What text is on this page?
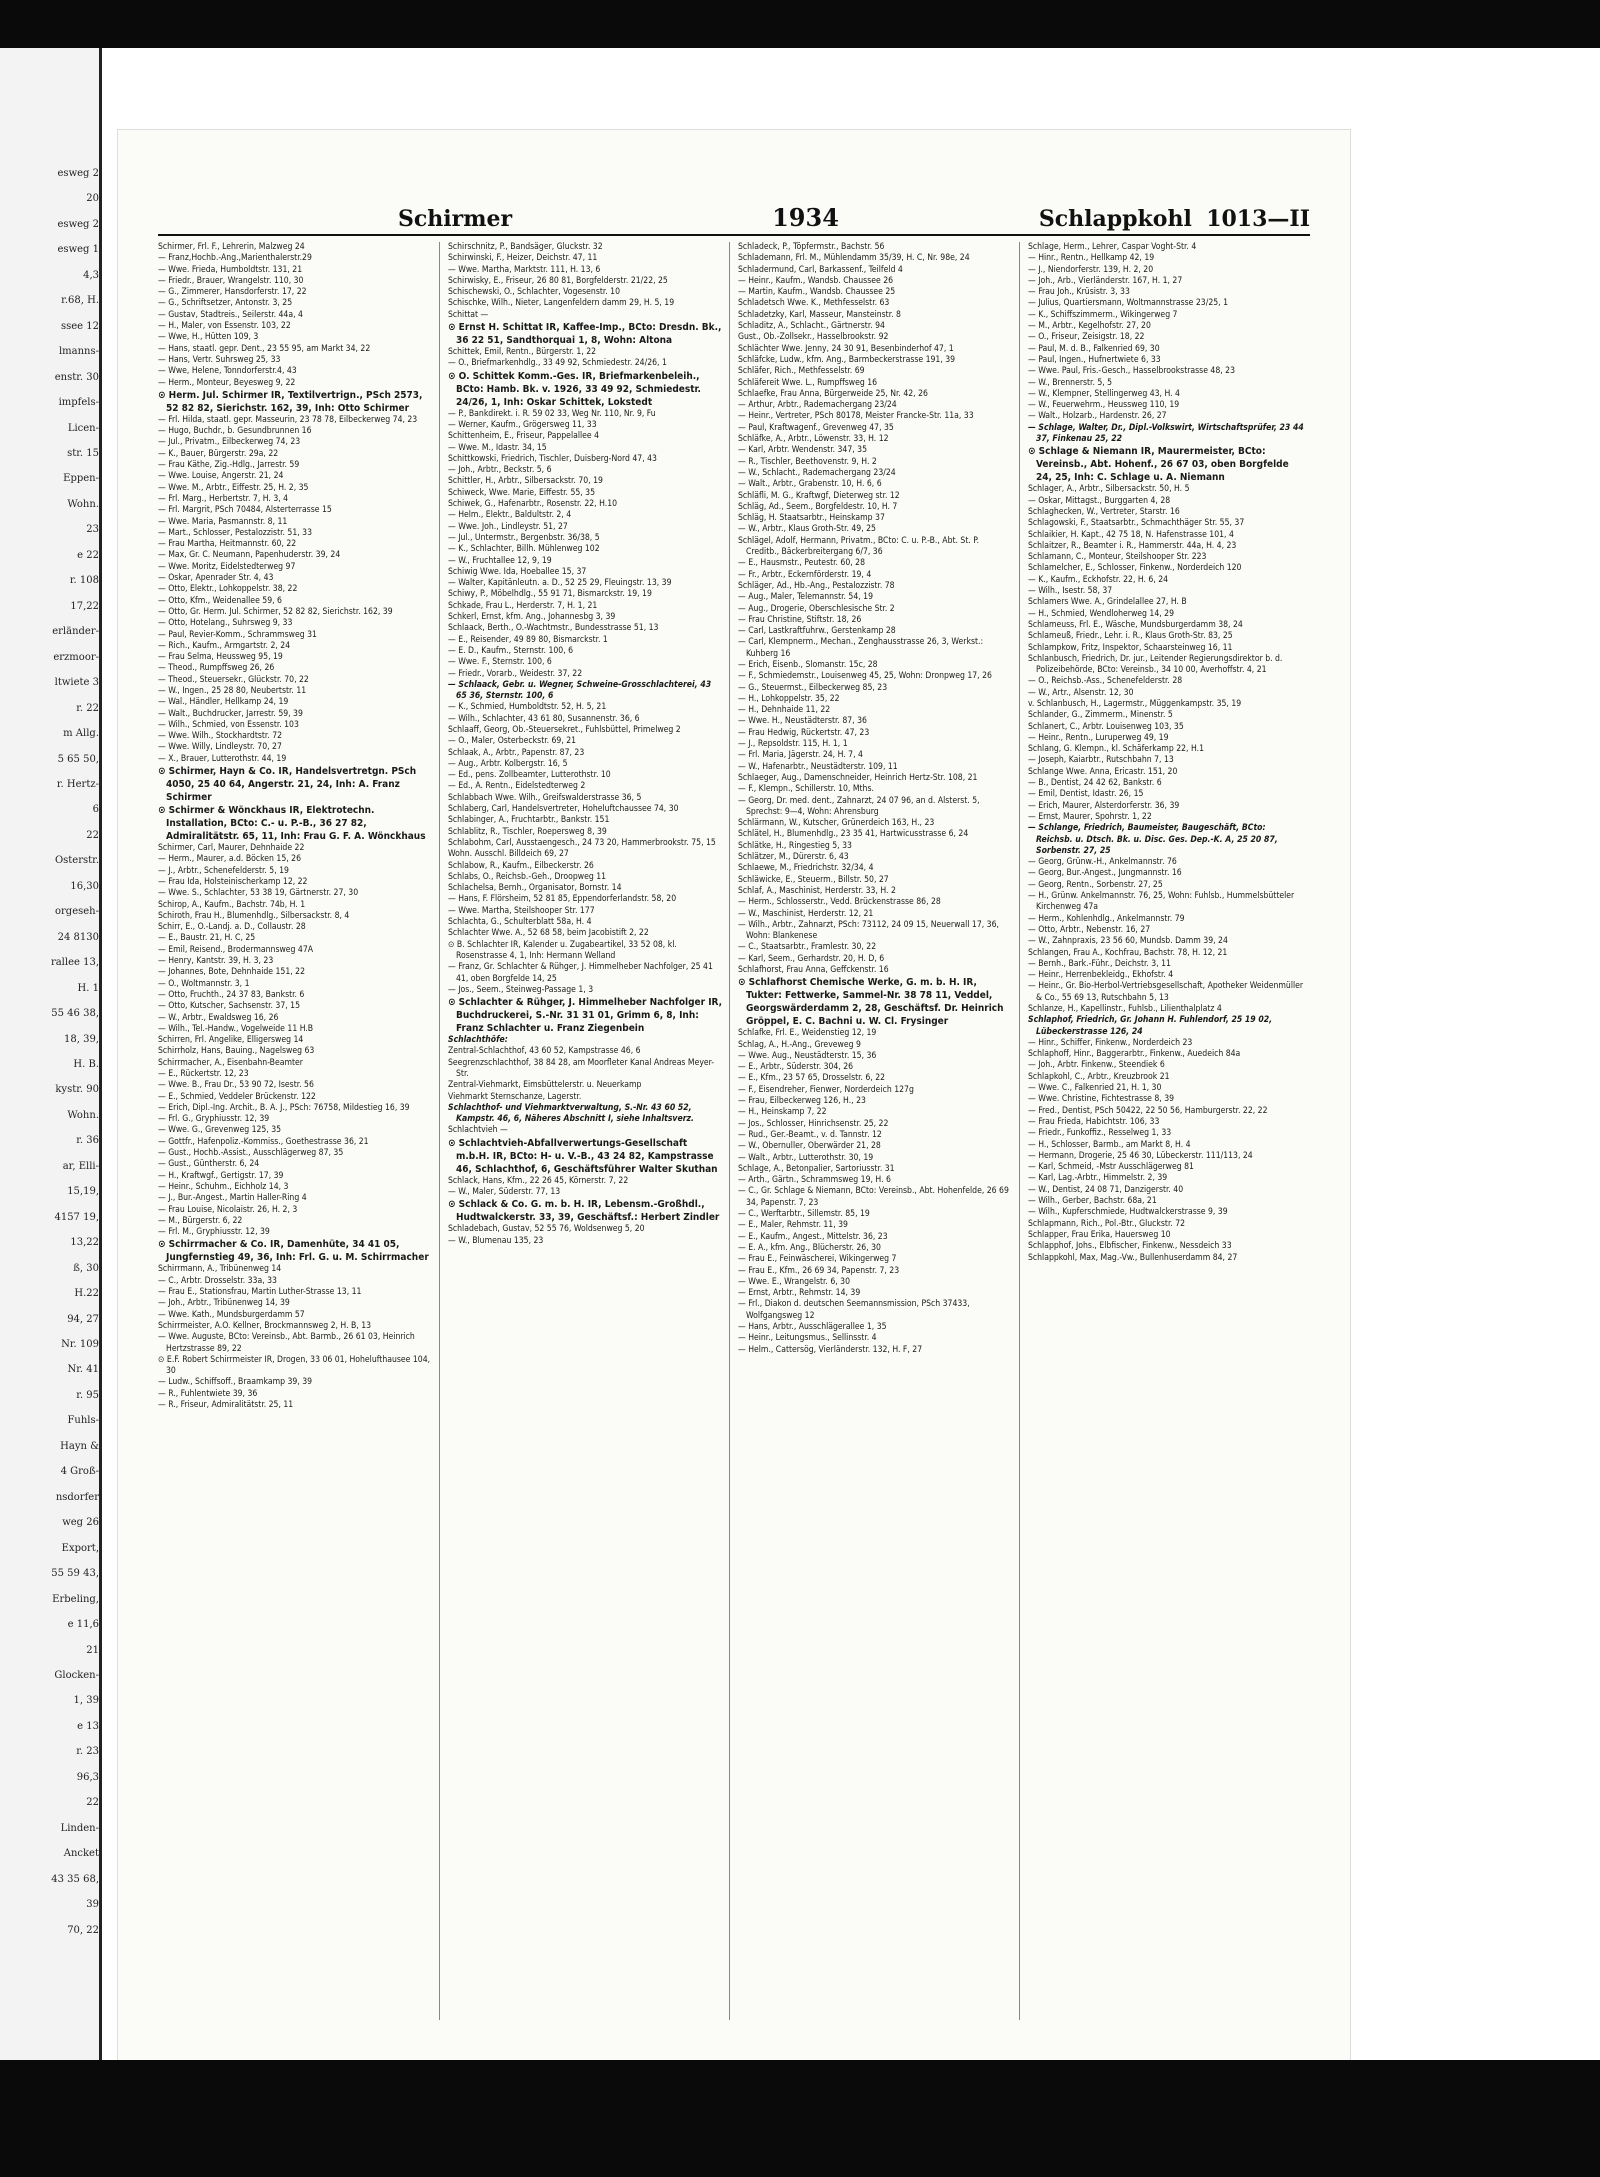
esweg 2
20
esweg 2
esweg 1
4,3
r.68, H.
ssee 12
lmanns-
enstr. 30
impfels-
Licen-
str. 15
Eppen-
Wohn.
23
e 22
r. 108
17,22
erländer-
erzmoor-
ltwiete 3
r. 22
m Allg.
5 65 50,
r. Hertz-
6
22
Osterstr.
16,30
orgeseh-
24 8130
rallee 13,
H. 1
55 46 38,
18, 39,
H. B.
kystr. 90
Wohn.
r. 36
ar, Elli-
15,19,
4157 19,
13,22
ß, 30
H.22
94, 27
Nr. 109
Nr. 41
r. 95
Fuhls-
Hayn &
4 Groß-
nsdorfer
weg 26
Export,
55 59 43,
Erbeling,
e 11,6
21
Glocken-
1, 39
e 13
r. 23
96,3
22
Linden-
Ancket
43 35 68,
39
70, 22
Schirmer	1934	Schlappkohl 1013—II

Schirmer, Frl. F., Lehrerin, Malzweg 24

— Franz,Hochb.-Ang.,Marienthalerstr.29

— Wwe. Frieda, Humboldtstr. 131, 21

— Friedr., Brauer, Wrangelstr. 110, 30

— G., Zimmerer, Hansdorferstr. 17, 22

— G., Schriftsetzer, Antonstr. 3, 25

— Gustav, Stadtreis., Seilerstr. 44a, 4

— H., Maler, von Essenstr. 103, 22

— Wwe, H., Hütten 109, 3

— Hans, staatl. gepr. Dent., 23 55 95, am Markt 34, 22

— Hans, Vertr. Suhrsweg 25, 33

— Wwe, Helene, Tonndorferstr.4, 43

— Herm., Monteur, Beyesweg 9, 22

⊙ Herm. Jul. Schirmer IR, Textilvertrign., PSch 2573, 52 82 82, Sierichstr. 162, 39, Inh: Otto Schirmer

— Frl. Hilda, staatl. gepr. Masseurin, 23 78 78, Eilbeckerweg 74, 23

— Hugo, Buchdr., b. Gesundbrunnen 16

— Jul., Privatm., Eilbeckerweg 74, 23

— K., Bauer, Bürgerstr. 29a, 22

— Frau Käthe, Zig.-Hdlg., Jarrestr. 59

— Wwe. Louise, Angerstr. 21, 24

— Wwe. M., Arbtr., Eiffestr. 25, H. 2, 35

— Frl. Marg., Herbertstr. 7, H. 3, 4

— Frl. Margrit, PSch 70484, Alsterterrasse 15

— Wwe. Maria, Pasmannstr. 8, 11

— Mart., Schlosser, Pestalozzistr. 51, 33

— Frau Martha, Heitmannstr. 60, 22

— Max, Gr. C. Neumann, Papenhuderstr. 39, 24

— Wwe. Moritz, Eidelstedterweg 97

— Oskar, Apenrader Str. 4, 43

— Otto, Elektr., Lohkoppelstr. 38, 22

— Otto, Kfm., Weidenallee 59, 6

— Otto, Gr. Herm. Jul. Schirmer, 52 82 82, Sierichstr. 162, 39

— Otto, Hotelang., Suhrsweg 9, 33

— Paul, Revier-Komm., Schrammsweg 31

— Rich., Kaufm., Armgartstr. 2, 24

— Frau Selma, Heussweg 95, 19

— Theod., Rumpffsweg 26, 26

— Theod., Steuersekr., Glückstr. 70, 22

— W., Ingen., 25 28 80, Neubertstr. 11

— Wal., Händler, Hellkamp 24, 19

— Walt., Buchdrucker, Jarrestr. 59, 39

— Wilh., Schmied, von Essenstr. 103

— Wwe. Wilh., Stockhardtstr. 72

— Wwe. Willy, Lindleystr. 70, 27

— X., Brauer, Lutterothstr. 44, 19

⊙ Schirmer, Hayn & Co. IR, Handelsvertretgn. PSch 4050, 25 40 64, Angerstr. 21, 24, Inh: A. Franz Schirmer

⊙ Schirmer & Wönckhaus IR, Elektrotechn. Installation, BCto: C.- u. P.-B., 36 27 82, Admiralitätstr. 65, 11, Inh: Frau G. F. A. Wönckhaus

Schirmer, Carl, Maurer, Dehnhaide 22

— Herm., Maurer, a.d. Böcken 15, 26

— J., Arbtr., Schenefelderstr. 5, 19

— Frau Ida, Holsteinischerkamp 12, 22

— Wwe. S., Schlachter, 53 38 19, Gärtnerstr. 27, 30

Schirop, A., Kaufm., Bachstr. 74b, H. 1

Schiroth, Frau H., Blumenhdlg., Silbersackstr. 8, 4

Schirr, E., O.-Landj. a. D., Collaustr. 28

— E., Baustr. 21, H. C, 25

— Emil, Reisend., Brodermannsweg 47A

— Henry, Kantstr. 39, H. 3, 23

— Johannes, Bote, Dehnhaide 151, 22

— O., Woltmannstr. 3, 1

— Otto, Fruchth., 24 37 83, Bankstr. 6

— Otto, Kutscher, Sachsenstr. 37, 15

— W., Arbtr., Ewaldsweg 16, 26

— Wilh., Tel.-Handw., Vogelweide 11 H.B

Schirren, Frl. Angelike, Elligersweg 14

Schirrholz, Hans, Bauing., Nagelsweg 63

Schirrmacher, A., Eisenbahn-Beamter

— E., Rückertstr. 12, 23

— Wwe. B., Frau Dr., 53 90 72, Isestr. 56

— E., Schmied, Veddeler Brückenstr. 122

— Erich, Dipl.-Ing. Archit., B. A. J., PSch: 76758, Mildestieg 16, 39

— Frl. G., Gryphiusstr. 12, 39

— Wwe. G., Grevenweg 125, 35

— Gottfr., Hafenpoliz.-Kommiss., Goethestrasse 36, 21

— Gust., Hochb.-Assist., Ausschlägerweg 87, 35

— Gust., Güntherstr. 6, 24

— H., Kraftwgf., Gertigstr. 17, 39

— Heinr., Schuhm., Eichholz 14, 3

— J., Bur.-Angest., Martin Haller-Ring 4

— Frau Louise, Nicolaistr. 26, H. 2, 3

— M., Bürgerstr. 6, 22

— Frl. M., Gryphiusstr. 12, 39

⊙ Schirrmacher & Co. IR, Damenhüte, 34 41 05, Jungfernstieg 49, 36, Inh: Frl. G. u. M. Schirrmacher

Schirrmann, A., Tribünenweg 14

— C., Arbtr. Drosselstr. 33a, 33

— Frau E., Stationsfrau, Martin Luther-Strasse 13, 11

— Joh., Arbtr., Tribünenweg 14, 39

— Wwe. Kath., Mundsburgerdamm 57

Schirrmeister, A.O. Kellner, Brockmannsweg 2, H. B, 13

— Wwe. Auguste, BCto: Vereinsb., Abt. Barmb., 26 61 03, Heinrich Hertzstrasse 89, 22

⊙ E.F. Robert Schirrmeister IR, Drogen, 33 06 01, Hohelufthausee 104, 30

— Ludw., Schiffsoff., Braamkamp 39, 39

— R., Fuhlentwiete 39, 36

— R., Friseur, Admiralitätstr. 25, 11

Schirschnitz, P., Bandsäger, Gluckstr. 32

Schirwinski, F., Heizer, Deichstr. 47, 11

— Wwe. Martha, Marktstr. 111, H. 13, 6

Schirwisky, E., Friseur, 26 80 81, Borgfelderstr. 21/22, 25

Schischewski, O., Schlachter, Vogesenstr. 10

Schischke, Wilh., Nieter, Langenfeldern damm 29, H. 5, 19

Schittat —

⊙ Ernst H. Schittat IR, Kaffee-Imp., BCto: Dresdn. Bk., 36 22 51, Sandthorquai 1, 8, Wohn: Altona

Schittek, Emil, Rentn., Bürgerstr. 1, 22

— O., Briefmarkenhdlg., 33 49 92, Schmiedestr. 24/26, 1

⊙ O. Schittek Komm.-Ges. IR, Briefmarkenbeleih., BCto: Hamb. Bk. v. 1926, 33 49 92, Schmiedestr. 24/26, 1, Inh: Oskar Schittek, Lokstedt

— P., Bankdirekt. i. R. 59 02 33, Weg Nr. 110, Nr. 9, Fu

— Werner, Kaufm., Grögersweg 11, 33

Schittenheim, E., Friseur, Pappelallee 4

— Wwe. M., Idastr. 34, 15

Schittkowski, Friedrich, Tischler, Duisberg-Nord 47, 43

— Joh., Arbtr., Beckstr. 5, 6

Schittler, H., Arbtr., Silbersackstr. 70, 19

Schiweck, Wwe. Marie, Eiffestr. 55, 35

Schiwek, G., Hafenarbtr., Rosenstr. 22, H.10

— Helm., Elektr., Baldultstr. 2, 4

— Wwe. Joh., Lindleystr. 51, 27

— Jul., Untermstr., Bergenbstr. 36/38, 5

— K., Schlachter, Billh. Mühlenweg 102

— W., Fruchtallee 12, 9, 19

Schiwig Wwe. Ida, Hoeballee 15, 37

— Walter, Kapitänleutn. a. D., 52 25 29, Fleuingstr. 13, 39

Schiwy, P., Möbelhdlg., 55 91 71, Bismarckstr. 19, 19

Schkade, Frau L., Herderstr. 7, H. 1, 21

Schkerl, Ernst, kfm. Ang., Johannesbg 3, 39

Schlaack, Berth., O.-Wachtmstr., Bundesstrasse 51, 13

— E., Reisender, 49 89 80, Bismarckstr. 1

— E. D., Kaufm., Sternstr. 100, 6

— Wwe. F., Sternstr. 100, 6

— Friedr., Vorarb., Weidestr. 37, 22

— Schlaack, Gebr. u. Wegner, Schweine-Grosschlachterei, 43 65 36, Sternstr. 100, 6

— K., Schmied, Humboldtstr. 52, H. 5, 21

— Wilh., Schlachter, 43 61 80, Susannenstr. 36, 6

Schlaaff, Georg, Ob.-Steuersekret., Fuhlsbüttel, Primelweg 2

— O., Maler, Osterbeckstr. 69, 21

Schlaak, A., Arbtr., Papenstr. 87, 23

— Aug., Arbtr. Kolbergstr. 16, 5

— Ed., pens. Zollbeamter, Lutterothstr. 10

— Ed., A. Rentn., Eidelstedterweg 2

Schlabbach Wwe. Wilh., Greifswalderstrasse 36, 5

Schlaberg, Carl, Handelsvertreter, Hoheluftchaussee 74, 30

Schlabinger, A., Fruchtarbtr., Bankstr. 151

Schlablitz, R., Tischler, Roepersweg 8, 39

Schlabohm, Carl, Ausstaengesch., 24 73 20, Hammerbrookstr. 75, 15

Wohn. Ausschl. Billdeich 69, 27

Schlabow, R., Kaufm., Eilbeckerstr. 26

Schlabs, O., Reichsb.-Geh., Droopweg 11

Schlachelsa, Bernh., Organisator, Bornstr. 14

— Hans, F. Flörsheim, 52 81 85, Eppendorferlandstr. 58, 20

— Wwe. Martha, Steilshooper Str. 177

Schlachta, G., Schulterblatt 58a, H. 4

Schlachter Wwe. A., 52 68 58, beim Jacobistift 2, 22

⊙ B. Schlachter IR, Kalender u. Zugabeartikel, 33 52 08, kl. Rosenstrasse 4, 1, Inh: Hermann Welland

— Franz, Gr. Schlachter & Rühger, J. Himmelheber Nachfolger, 25 41 41, oben Borgfelde 14, 25

— Jos., Seem., Steinweg-Passage 1, 3

⊙ Schlachter & Rühger, J. Himmelheber Nachfolger IR, Buchdruckerei, S.-Nr. 31 31 01, Grimm 6, 8, Inh: Franz Schlachter u. Franz Ziegenbein

Schlachthöfe:

Zentral-Schlachthof, 43 60 52, Kampstrasse 46, 6

Seegrenzschlachthof, 38 84 28, am Moorfleter Kanal Andreas Meyer-Str.

Zentral-Viehmarkt, Eimsbüttelerstr. u. Neuerkamp

Viehmarkt Sternschanze, Lagerstr.

Schlachthof- und Viehmarktverwaltung, S.-Nr. 43 60 52, Kampstr. 46, 6, Näheres Abschnitt I, siehe Inhaltsverz.

Schlachtvieh —

⊙ Schlachtvieh-Abfallverwertungs-Gesellschaft m.b.H. IR, BCto: H- u. V.-B., 43 24 82, Kampstrasse 46, Schlachthof, 6, Geschäftsführer Walter Skuthan

Schlack, Hans, Kfm., 22 26 45, Körnerstr. 7, 22

— W., Maler, Süderstr. 77, 13

⊙ Schlack & Co. G. m. b. H. IR, Lebensm.-Großhdl., Hudtwalckerstr. 33, 39, Geschäftsf.: Herbert Zindler

Schladebach, Gustav, 52 55 76, Woldsenweg 5, 20

— W., Blumenau 135, 23

Schladeck, P., Töpfermstr., Bachstr. 56

Schlademann, Frl. M., Mühlendamm 35/39, H. C, Nr. 98e, 24

Schladermund, Carl, Barkassenf., Teilfeld 4

— Heinr., Kaufm., Wandsb. Chaussee 26

— Martin, Kaufm., Wandsb. Chaussee 25

Schladetsch Wwe. K., Methfesselstr. 63

Schladetzky, Karl, Masseur, Mansteinstr. 8

Schladitz, A., Schlacht., Gärtnerstr. 94

Gust., Ob.-Zollsekr., Hasselbrookstr. 92

Schlächter Wwe. Jenny, 24 30 91, Besenbinderhof 47, 1

Schläfcke, Ludw., kfm. Ang., Barmbeckerstrasse 191, 39

Schläfer, Rich., Methfesselstr. 69

Schläfereit Wwe. L., Rumpffsweg 16

Schlaefke, Frau Anna, Bürgerweide 25, Nr. 42, 26

— Arthur, Arbtr., Rademachergang 23/24

— Heinr., Vertreter, PSch 80178, Meister Francke-Str. 11a, 33

— Paul, Kraftwagenf., Grevenweg 47, 35

Schläfke, A., Arbtr., Löwenstr. 33, H. 12

— Karl, Arbtr. Wendenstr. 347, 35

— R., Tischler, Beethovenstr. 9, H. 2

— W., Schlacht., Rademachergang 23/24

— Walt., Arbtr., Grabenstr. 10, H. 6, 6

Schläfli, M. G., Kraftwgf, Dieterweg str. 12

Schläg, Ad., Seem., Borgfeldestr. 10, H. 7

Schläg, H. Staatsarbtr., Heinskamp 37

— W., Arbtr., Klaus Groth-Str. 49, 25

Schlägel, Adolf, Hermann, Privatm., BCto: C. u. P.-B., Abt. St. P. Creditb., Bäckerbreitergang 6/7, 36

— E., Hausmstr., Peutestr. 60, 28

— Fr., Arbtr., Eckernförderstr. 19, 4

Schläger, Ad., Hb.-Ang., Pestalozzistr. 78

— Aug., Maler, Telemannstr. 54, 19

— Aug., Drogerie, Oberschlesische Str. 2

— Frau Christine, Stiftstr. 18, 26

— Carl, Lastkraftfuhrw., Gerstenkamp 28

— Carl, Klempnerm., Mechan., Zenghausstrasse 26, 3, Werkst.: Kuhberg 16

— Erich, Eisenb., Slomanstr. 15c, 28

— F., Schmiedemstr., Louisenweg 45, 25, Wohn: Dronpweg 17, 26

— G., Steuermst., Eilbeckerweg 85, 23

— H., Lohkoppelstr. 35, 22

— H., Dehnhaide 11, 22

— Wwe. H., Neustädterstr. 87, 36

— Frau Hedwig, Rückertstr. 47, 23

— J., Repsoldstr. 115, H. 1, 1

— Frl. Maria, Jägerstr. 24, H. 7, 4

— W., Hafenarbtr., Neustädterstr. 109, 11

Schlaeger, Aug., Damenschneider, Heinrich Hertz-Str. 108, 21

— F., Klempn., Schillerstr. 10, Mths.

— Georg, Dr. med. dent., Zahnarzt, 24 07 96, an d. Alsterst. 5, Sprechst: 9—4, Wohn: Ahrensburg

Schlärmann, W., Kutscher, Grünerdeich 163, H., 23

Schlätel, H., Blumenhdlg., 23 35 41, Hartwicusstrasse 6, 24

Schlätke, H., Ringestieg 5, 33

Schlätzer, M., Dürerstr. 6, 43

Schlaewe, M., Friedrichstr. 32/34, 4

Schläwicke, E., Steuerm., Billstr. 50, 27

Schlaf, A., Maschinist, Herderstr. 33, H. 2

— Herm., Schlosserstr., Vedd. Brückenstrasse 86, 28

— W., Maschinist, Herderstr. 12, 21

— Wilh., Arbtr., Zahnarzt, PSch: 73112, 24 09 15, Neuerwall 17, 36, Wohn: Blankenese

— C., Staatsarbtr., Framlestr. 30, 22

— Karl, Seem., Gerhardstr. 20, H. D, 6

Schlafhorst, Frau Anna, Geffckenstr. 16

⊙ Schlafhorst Chemische Werke, G. m. b. H. IR, Tukter: Fettwerke, Sammel-Nr. 38 78 11, Veddel, Georgswärderdamm 2, 28, Geschäftsf. Dr. Heinrich Gröppel, E. C. Bachni u. W. Cl. Frysinger

Schlafke, Frl. E., Weidenstieg 12, 19

Schlag, A., H.-Ang., Greveweg 9

— Wwe. Aug., Neustädterstr. 15, 36

— E., Arbtr., Süderstr. 304, 26

— E., Kfm., 23 57 65, Drosselstr. 6, 22

— F., Eisendreher, Fienwer, Norderdeich 127g

— Frau, Eilbeckerweg 126, H., 23

— H., Heinskamp 7, 22

— Jos., Schlosser, Hinrichsenstr. 25, 22

— Rud., Ger.-Beamt., v. d. Tannstr. 12

— W., Obernuller, Oberwärder 21, 28

— Walt., Arbtr., Lutterothstr. 30, 19

Schlage, A., Betonpalier, Sartoriusstr. 31

— Arth., Gärtn., Schrammsweg 19, H. 6

— C., Gr. Schlage & Niemann, BCto: Vereinsb., Abt. Hohenfelde, 26 69 34, Papenstr. 7, 23

— C., Werftarbtr., Sillemstr. 85, 19

— E., Maler, Rehmstr. 11, 39

— E., Kaufm., Angest., Mittelstr. 36, 23

— E. A., kfm. Ang., Blücherstr. 26, 30

— Frau E., Feinwäscherei, Wikingerweg 7

— Frau E., Kfm., 26 69 34, Papenstr. 7, 23

— Wwe. E., Wrangelstr. 6, 30

— Ernst, Arbtr., Rehmstr. 14, 39

— Frl., Diakon d. deutschen Seemannsmission, PSch 37433, Wolfgangsweg 12

— Hans, Arbtr., Ausschlägerallee 1, 35

— Heinr., Leitungsmus., Sellinsstr. 4

— Helm., Cattersög, Vierländerstr. 132, H. F, 27

Schlage, Herm., Lehrer, Caspar Voght-Str. 4

— Hinr., Rentn., Hellkamp 42, 19

— J., Niendorferstr. 139, H. 2, 20

— Joh., Arb., Vierländerstr. 167, H. 1, 27

— Frau Joh., Krüsistr. 3, 33

— Julius, Quartiersmann, Woltmannstrasse 23/25, 1

— K., Schiffszimmerm., Wikingerweg 7

— M., Arbtr., Kegelhofstr. 27, 20

— O., Friseur, Zeisigstr. 18, 22

— Paul, M. d. B., Falkenried 69, 30

— Paul, Ingen., Hufnertwiete 6, 33

— Wwe. Paul, Fris.-Gesch., Hasselbrookstrasse 48, 23

— W., Brennerstr. 5, 5

— W., Klempner, Stellingerweg 43, H. 4

— W., Feuerwehrm., Heussweg 110, 19

— Walt., Holzarb., Hardenstr. 26, 27

— Schlage, Walter, Dr., Dipl.-Volkswirt, Wirtschaftsprüfer, 23 44 37, Finkenau 25, 22

⊙ Schlage & Niemann IR, Maurermeister, BCto: Vereinsb., Abt. Hohenf., 26 67 03, oben Borgfelde 24, 25, Inh: C. Schlage u. A. Niemann

Schlager, A., Arbtr., Silbersackstr. 50, H. 5

— Oskar, Mittagst., Burggarten 4, 28

Schlaghecken, W., Vertreter, Starstr. 16

Schlagowski, F., Staatsarbtr., Schmachthäger Str. 55, 37

Schlaikier, H. Kapt., 42 75 18, N. Hafenstrasse 101, 4

Schlaitzer, R., Beamter i. R., Hammerstr. 44a, H. 4, 23

Schlamann, C., Monteur, Steilshooper Str. 223

Schlamelcher, E., Schlosser, Finkenw., Norderdeich 120

— K., Kaufm., Eckhofstr. 22, H. 6, 24

— Wilh., Isestr. 58, 37

Schlamers Wwe. A., Grindelallee 27, H. B

— H., Schmied, Wendloherweg 14, 29

Schlameuss, Frl. E., Wäsche, Mundsburgerdamm 38, 24

Schlameuß, Friedr., Lehr. i. R., Klaus Groth-Str. 83, 25

Schlampkow, Fritz, Inspektor, Schaarsteinweg 16, 11

Schlanbusch, Friedrich, Dr. jur., Leitender Regierungsdirektor b. d. Polizeibehörde, BCto: Vereinsb., 34 10 00, Averhoffstr. 4, 21

— O., Reichsb.-Ass., Schenefelderstr. 28

— W., Artr., Alsenstr. 12, 30

v. Schlanbusch, H., Lagermstr., Müggenkampstr. 35, 19

Schlander, G., Zimmerm., Minenstr. 5

Schlanert, C., Arbtr. Louisenweg 103, 35

— Heinr., Rentn., Luruperweg 49, 19

Schlang, G. Klempn., kl. Schäferkamp 22, H.1

— Joseph, Kaiarbtr., Rutschbahn 7, 13

Schlange Wwe. Anna, Ericastr. 151, 20

— B., Dentist, 24 42 62, Bankstr. 6

— Emil, Dentist, Idastr. 26, 15

— Erich, Maurer, Alsterdorferstr. 36, 39

— Ernst, Maurer, Spohrstr. 1, 22

— Schlange, Friedrich, Baumeister, Baugeschäft, BCto: Reichsb. u. Dtsch. Bk. u. Disc. Ges. Dep.-K. A, 25 20 87, Sorbenstr. 27, 25

— Georg, Grünw.-H., Ankelmannstr. 76

— Georg, Bur.-Angest., Jungmannstr. 16

— Georg, Rentn., Sorbenstr. 27, 25

— H., Grünw. Ankelmannstr. 76, 25, Wohn: Fuhlsb., Hummelsbütteler Kirchenweg 47a

— Herm., Kohlenhdlg., Ankelmannstr. 79

— Otto, Arbtr., Nebenstr. 16, 27

— W., Zahnpraxis, 23 56 60, Mundsb. Damm 39, 24

Schlangen, Frau A., Kochfrau, Bachstr. 78, H. 12, 21

— Bernh., Bark.-Führ., Deichstr. 3, 11

— Heinr., Herrenbekleidg., Ekhofstr. 4

— Heinr., Gr. Bio-Herbol-Vertriebsgesellschaft, Apotheker Weidenmüller & Co., 55 69 13, Rutschbahn 5, 13

Schlanze, H., Kapellinstr., Fuhlsb., Lilienthalplatz 4

Schlaphof, Friedrich, Gr. Johann H. Fuhlendorf, 25 19 02, Lübeckerstrasse 126, 24

— Hinr., Schiffer, Finkenw., Norderdeich 23

Schlaphoff, Hinr., Baggerarbtr., Finkenw., Auedeich 84a

— Joh., Arbtr. Finkenw., Steendiek 6

Schlapkohl, C., Arbtr., Kreuzbrook 21

— Wwe. C., Falkenried 21, H. 1, 30

— Wwe. Christine, Fichtestrasse 8, 39

— Fred., Dentist, PSch 50422, 22 50 56, Hamburgerstr. 22, 22

— Frau Frieda, Habichtstr. 106, 33

— Friedr., Funkoffiz., Resselweg 1, 33

— H., Schlosser, Barmb., am Markt 8, H. 4

— Hermann, Drogerie, 25 46 30, Lübeckerstr. 111/113, 24

— Karl, Schmeid, -Mstr Ausschlägerweg 81

— Karl, Lag.-Arbtr., Himmelstr. 2, 39

— W., Dentist, 24 08 71, Danzigerstr. 40

— Wilh., Gerber, Bachstr. 68a, 21

— Wilh., Kupferschmiede, Hudtwalckerstrasse 9, 39

Schlapmann, Rich., Pol.-Btr., Gluckstr. 72

Schlapper, Frau Erika, Hauersweg 10

Schlapphof, Johs., Elbfischer, Finkenw., Nessdeich 33

Schlappkohl, Max, Mag.-Vw., Bullenhuserdamm 84, 27
